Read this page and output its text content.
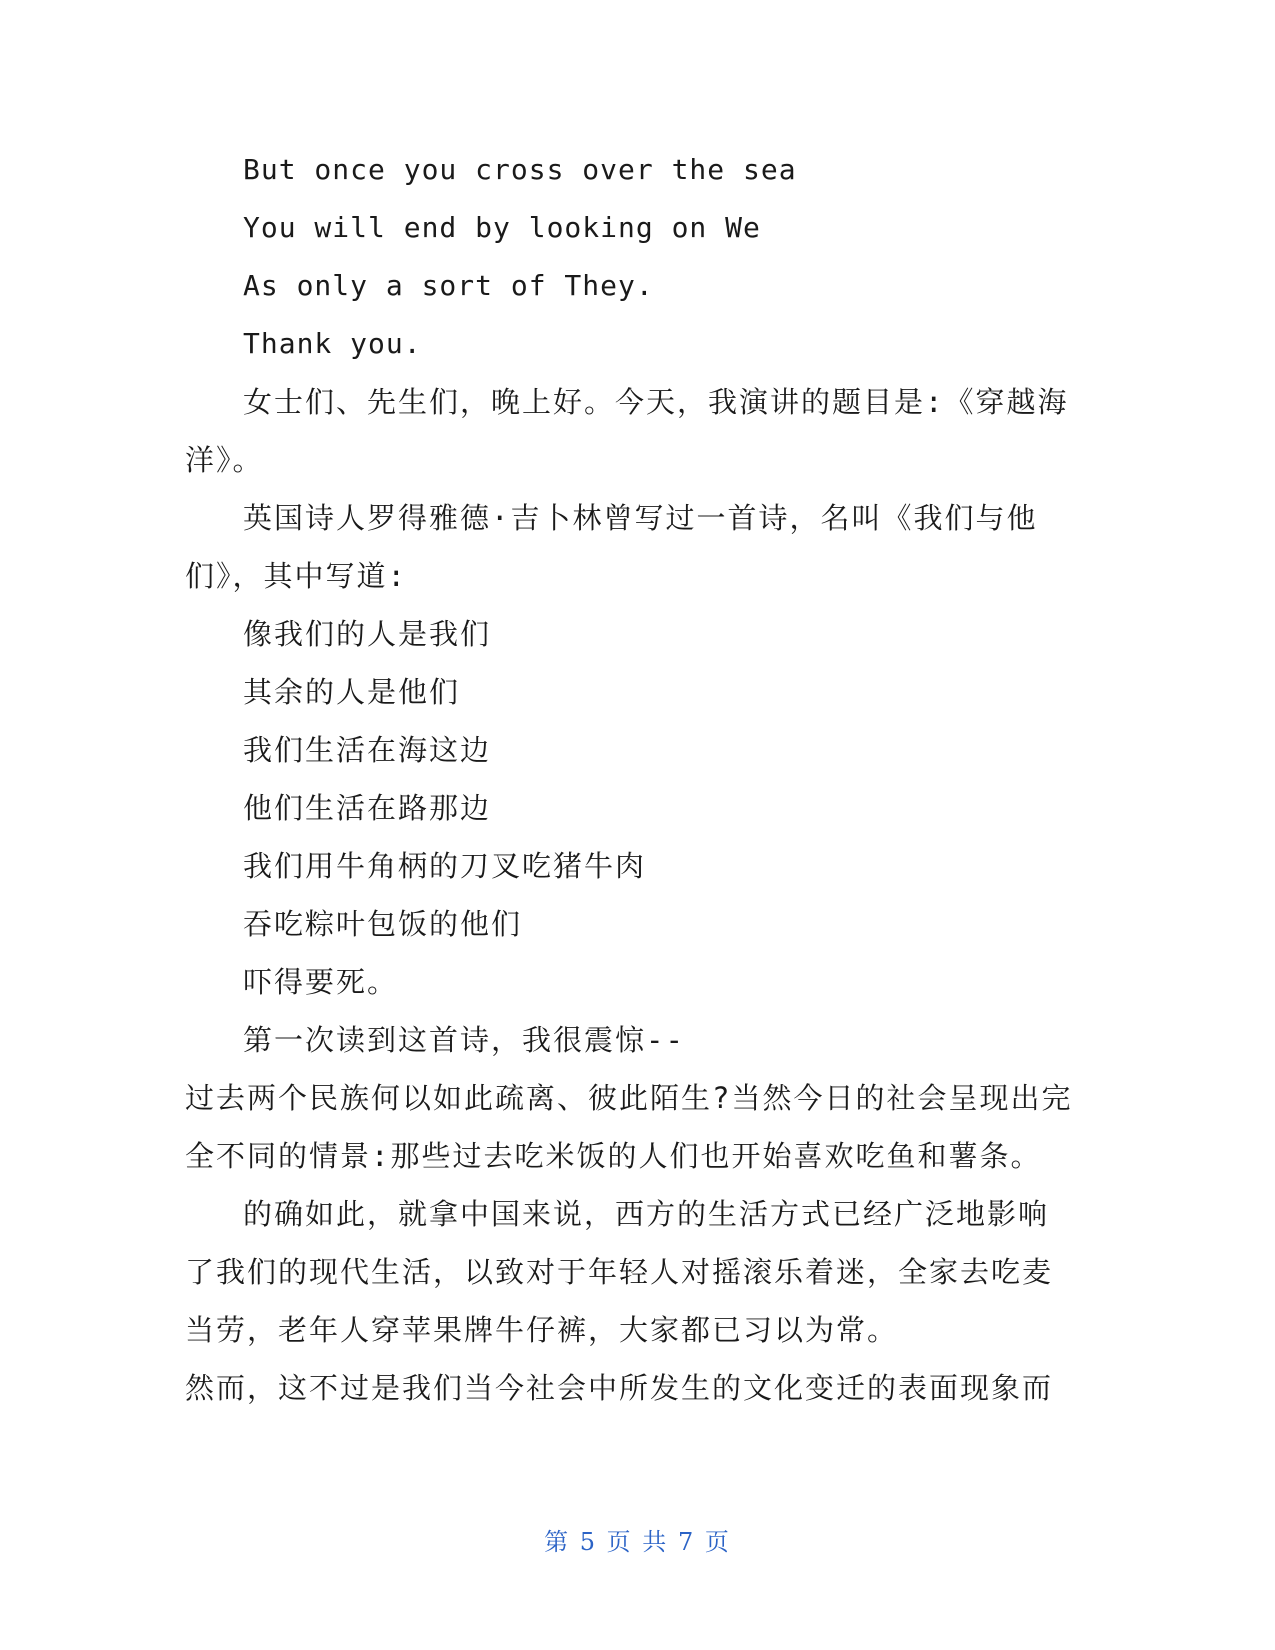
But once you cross over the sea
You will end by looking on We
As only a sort of They.
Thank you.
女士们、先生们，晚上好。今天，我演讲的题目是:《穿越海
洋》。
英国诗人罗得雅德·吉卜林曾写过一首诗，名叫《我们与他
们》，其中写道:
像我们的人是我们
其余的人是他们
我们生活在海这边
他们生活在路那边
我们用牛角柄的刀叉吃猪牛肉
吞吃粽叶包饭的他们
吓得要死。
第一次读到这首诗，我很震惊--
过去两个民族何以如此疏离、彼此陌生?当然今日的社会呈现出完
全不同的情景:那些过去吃米饭的人们也开始喜欢吃鱼和薯条。
的确如此，就拿中国来说，西方的生活方式已经广泛地影响
了我们的现代生活，以致对于年轻人对摇滚乐着迷，全家去吃麦
当劳，老年人穿苹果牌牛仔裤，大家都已习以为常。
然而，这不过是我们当今社会中所发生的文化变迁的表面现象而
第 5 页 共 7 页
